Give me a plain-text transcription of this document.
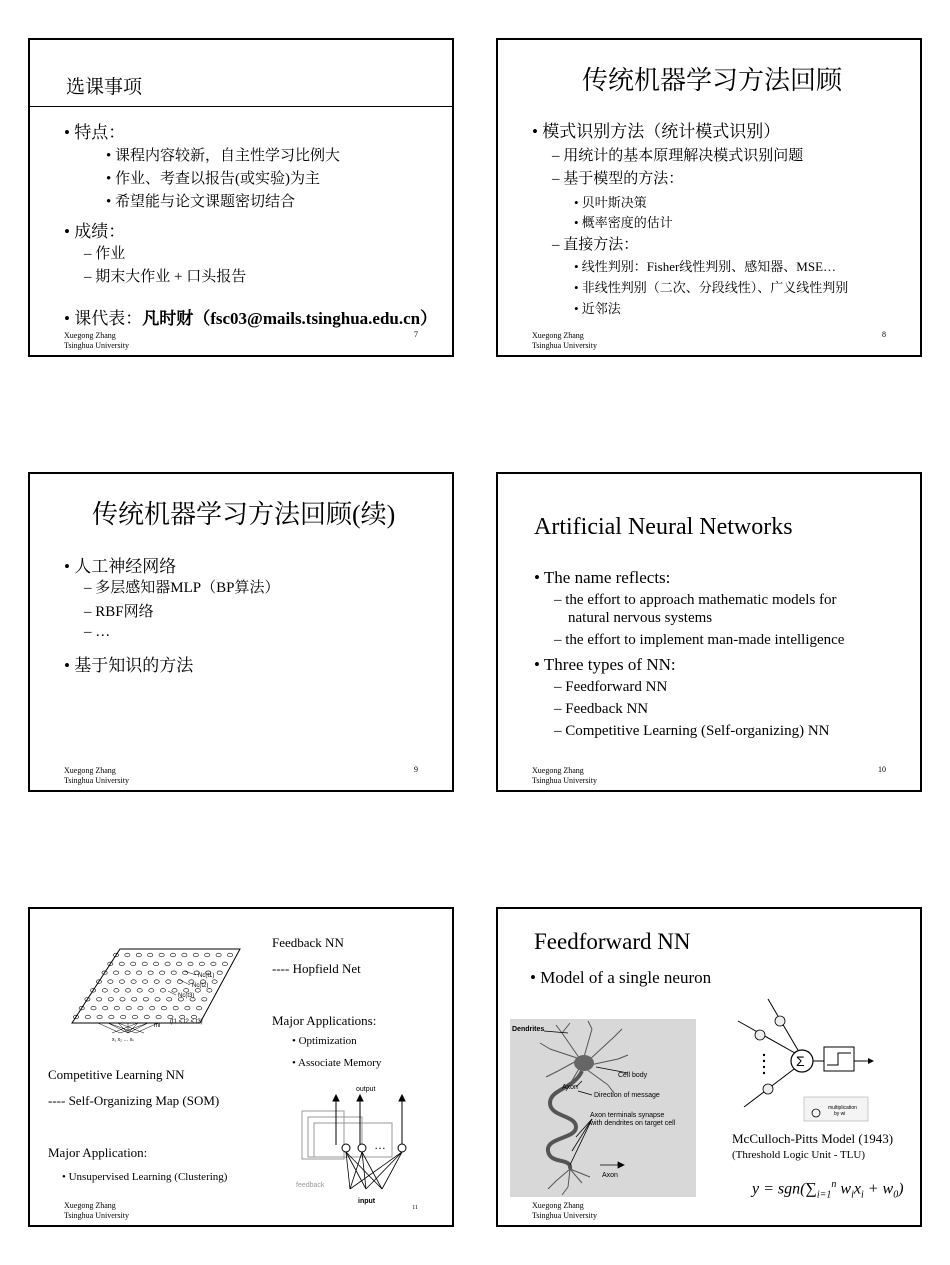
选课事项
• 特点：
• 课程内容较新，自主性学习比例大
• 作业、考查以报告(或实验)为主
• 希望能与论文课题密切结合
• 成绩：
– 作业
– 期末大作业 + 口头报告
• 课代表：凡时财（fsc03@mails.tsinghua.edu.cn）
Xuegong Zhang
Tsinghua University
7
传统机器学习方法回顾
• 模式识别方法（统计模式识别）
– 用统计的基本原理解决模式识别问题
– 基于模型的方法：
• 贝叶斯决策
• 概率密度的估计
– 直接方法：
• 线性判别：Fisher线性判别、感知器、MSE…
• 非线性判别（二次、分段线性）、广义线性判别
• 近邻法
Xuegong Zhang
Tsinghua University
8
传统机器学习方法回顾(续)
• 人工神经网络
– 多层感知器MLP（BP算法）
– RBF网络
– …
• 基于知识的方法
Xuegong Zhang
Tsinghua University
9
Artificial Neural Networks
• The name reflects:
– the effort to approach mathematic models for
natural nervous systems
– the effort to implement man-made intelligence
• Three types of NN:
– Feedforward NN
– Feedback NN
– Competitive Learning (Self-organizing) NN
Xuegong Zhang
Tsinghua University
10
Nc(t1)
Nc(t2)
Nc(t3)
(t1 < t2 < t3)
mi
x₁ x₂ … xₙ
Feedback NN
---- Hopfield Net
Major Applications:
• Optimization
• Associate Memory
Competitive Learning NN
---- Self-Organizing Map (SOM)
Major Application:
• Unsupervised Learning (Clustering)
output
…
feedback
input
Xuegong Zhang
Tsinghua University
11
Feedforward NN
• Model of a single neuron
Dendrites
Cell body
Axon
Direction of message
Axon terminals synapse
with dendrites on target cell
Axon
Σ
multiplication
by wi
McCulloch-Pitts Model (1943)
(Threshold Logic Unit - TLU)
$y = sgn(\sum_{i=1}^n$ $w_ix_i + w_0$)
Xuegong Zhang
Tsinghua University
